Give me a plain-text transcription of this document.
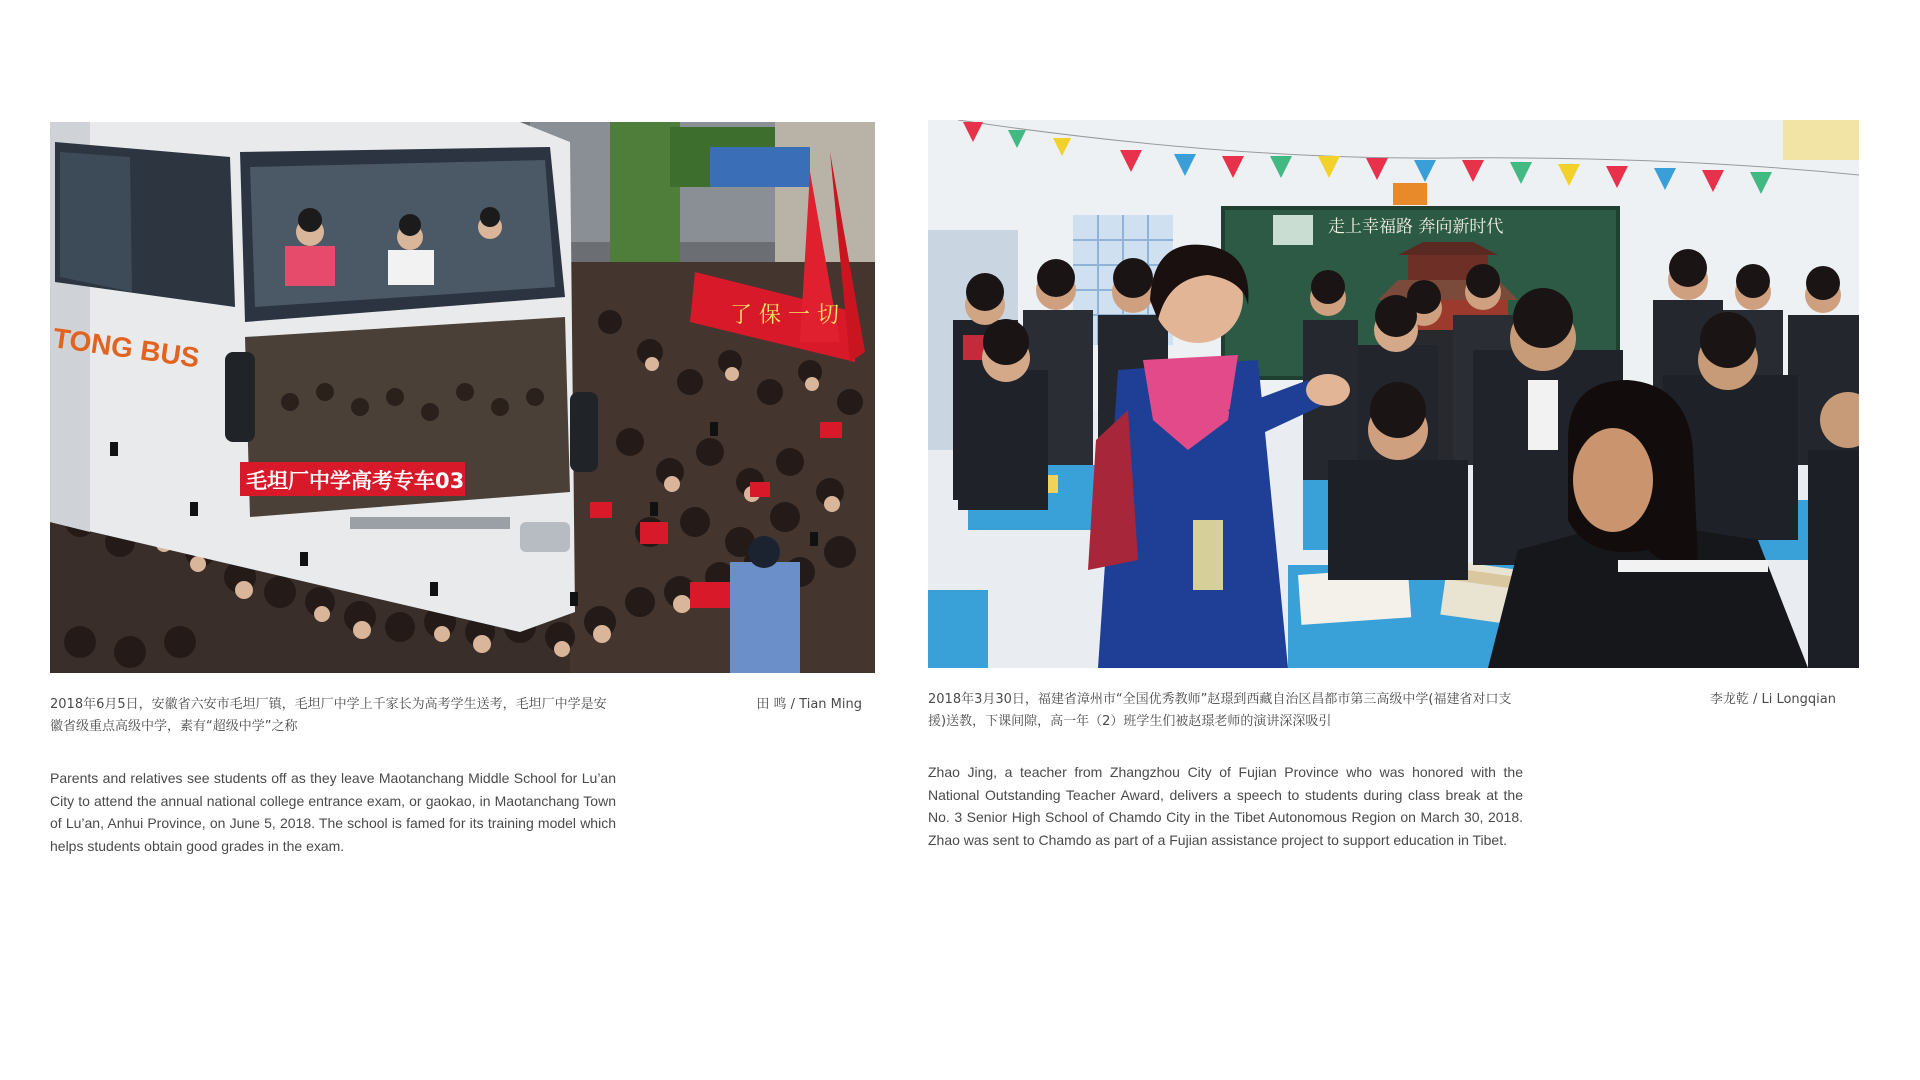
了 保 一 切
TONG BUS
毛坦厂中学高考专车03
2018年6月5日，安徽省六安市毛坦厂镇，毛坦厂中学上千家长为高考学生送考，毛坦厂中学是安徽省级重点高级中学，素有“超级中学”之称
田 鸣 / Tian Ming
Parents and relatives see students off as they leave Maotanchang Middle School for Lu’an City to attend the annual national college entrance exam, or gaokao, in Maotanchang Town of Lu’an, Anhui Province, on June 5, 2018. The school is famed for its training model which helps students obtain good grades in the exam.
走上幸福路 奔向新时代
2018年3月30日，福建省漳州市“全国优秀教师”赵璟到西藏自治区昌都市第三高级中学(福建省对口支援)送教，下课间隙，高一年（2）班学生们被赵璟老师的演讲深深吸引
李龙乾 / Li Longqian
Zhao Jing, a teacher from Zhangzhou City of Fujian Province who was honored with the National Outstanding Teacher Award, delivers a speech to students during class break at the No. 3 Senior High School of Chamdo City in the Tibet Autonomous Region on March 30, 2018. Zhao was sent to Chamdo as part of a Fujian assistance project to support education in Tibet.
